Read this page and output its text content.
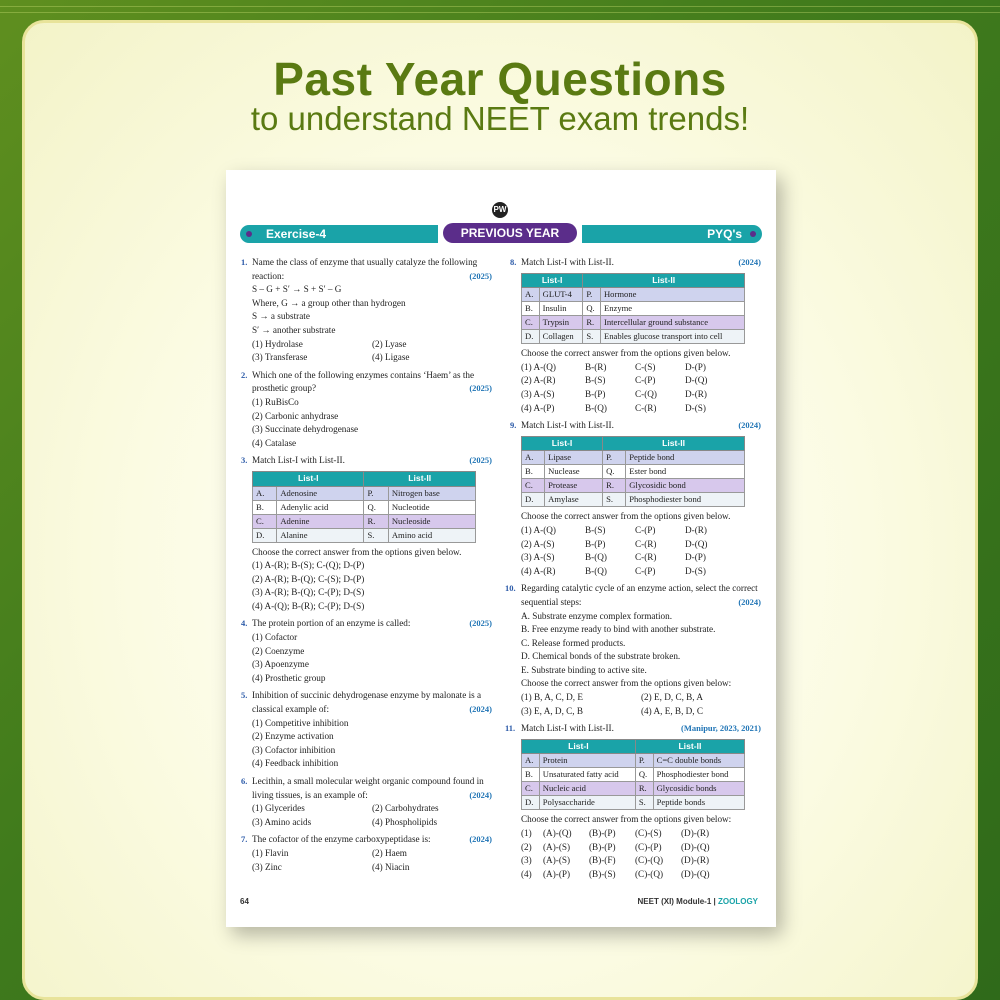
Past Year Questions
to understand NEET exam trends!
PW
Exercise-4	PREVIOUS YEAR	PYQ's
1. Name the class of enzyme that usually catalyze the following reaction:	(2025)

S – G + S′ → S + S′ – G
Where, G → a group other than hydrogen
S → a substrate
S′ → another substrate
(1) Hydrolase	(2) Lyase
(3) Transferase	(4) Ligase
2. Which one of the following enzymes contains ‘Haem’ as the prosthetic group?	(2025)

(1) RuBisCo
(2) Carbonic anhydrase
(3) Succinate dehydrogenase
(4) Catalase
3. Match List-I with List-II.	(2025)

List-I		List-II	
A.	Adenosine	P.	Nitrogen base
B.	Adenylic acid	Q.	Nucleotide
C.	Adenine	R.	Nucleoside
D.	Alanine	S.	Amino acid
Choose the correct answer from the options given below.
(1) A-(R); B-(S); C-(Q); D-(P)
(2) A-(R); B-(Q); C-(S); D-(P)
(3) A-(R); B-(Q); C-(P); D-(S)
(4) A-(Q); B-(R); C-(P); D-(S)
4. The protein portion of an enzyme is called:	(2025)

(1) Cofactor
(2) Coenzyme
(3) Apoenzyme
(4) Prosthetic group
5. Inhibition of succinic dehydrogenase enzyme by malonate is a classical example of:	(2024)

(1) Competitive inhibition
(2) Enzyme activation
(3) Cofactor inhibition
(4) Feedback inhibition
6. Lecithin, a small molecular weight organic compound found in living tissues, is an example of:	(2024)

(1) Glycerides	(2) Carbohydrates
(3) Amino acids	(4) Phospholipids
7. The cofactor of the enzyme carboxypeptidase is:	(2024)

(1) Flavin	(2) Haem
(3) Zinc	(4) Niacin
8. Match List-I with List-II.	(2024)

List-I		List-II	
A.	GLUT-4	P.	Hormone
B.	Insulin	Q.	Enzyme
C.	Trypsin	R.	Intercellular ground substance
D.	Collagen	S.	Enables glucose transport into cell
Choose the correct answer from the options given below.
(1) A-(Q)	B-(R)	C-(S)	D-(P)
(2) A-(R)	B-(S)	C-(P)	D-(Q)
(3) A-(S)	B-(P)	C-(Q)	D-(R)
(4) A-(P)	B-(Q)	C-(R)	D-(S)
9. Match List-I with List-II.	(2024)

List-I		List-II	
A.	Lipase	P.	Peptide bond
B.	Nuclease	Q.	Ester bond
C.	Protease	R.	Glycosidic bond
D.	Amylase	S.	Phosphodiester bond
Choose the correct answer from the options given below.
(1) A-(Q)	B-(S)	C-(P)	D-(R)
(2) A-(S)	B-(P)	C-(R)	D-(Q)
(3) A-(S)	B-(Q)	C-(R)	D-(P)
(4) A-(R)	B-(Q)	C-(P)	D-(S)
10. Regarding catalytic cycle of an enzyme action, select the correct sequential steps:	(2024)

A. Substrate enzyme complex formation.
B. Free enzyme ready to bind with another substrate.
C. Release formed products.
D. Chemical bonds of the substrate broken.
E. Substrate binding to active site.
Choose the correct answer from the options given below:
(1) B, A, C, D, E	(2) E, D, C, B, A
(3) E, A, D, C, B	(4) A, E, B, D, C
11. Match List-I with List-II.	(Manipur, 2023, 2021)

List-I		List-II	
A.	Protein	P.	C=C double bonds
B.	Unsaturated fatty acid	Q.	Phosphodiester bond
C.	Nucleic acid	R.	Glycosidic bonds
D.	Polysaccharide	S.	Peptide bonds
Choose the correct answer from the options given below:
(1)	(A)-(Q)	(B)-(P)	(C)-(S)	(D)-(R)
(2)	(A)-(S)	(B)-(P)	(C)-(P)	(D)-(Q)
(3)	(A)-(S)	(B)-(F)	(C)-(Q)	(D)-(R)
(4)	(A)-(P)	(B)-(S)	(C)-(Q)	(D)-(Q)
64	NEET (XI) Module-1 | ZOOLOGY
